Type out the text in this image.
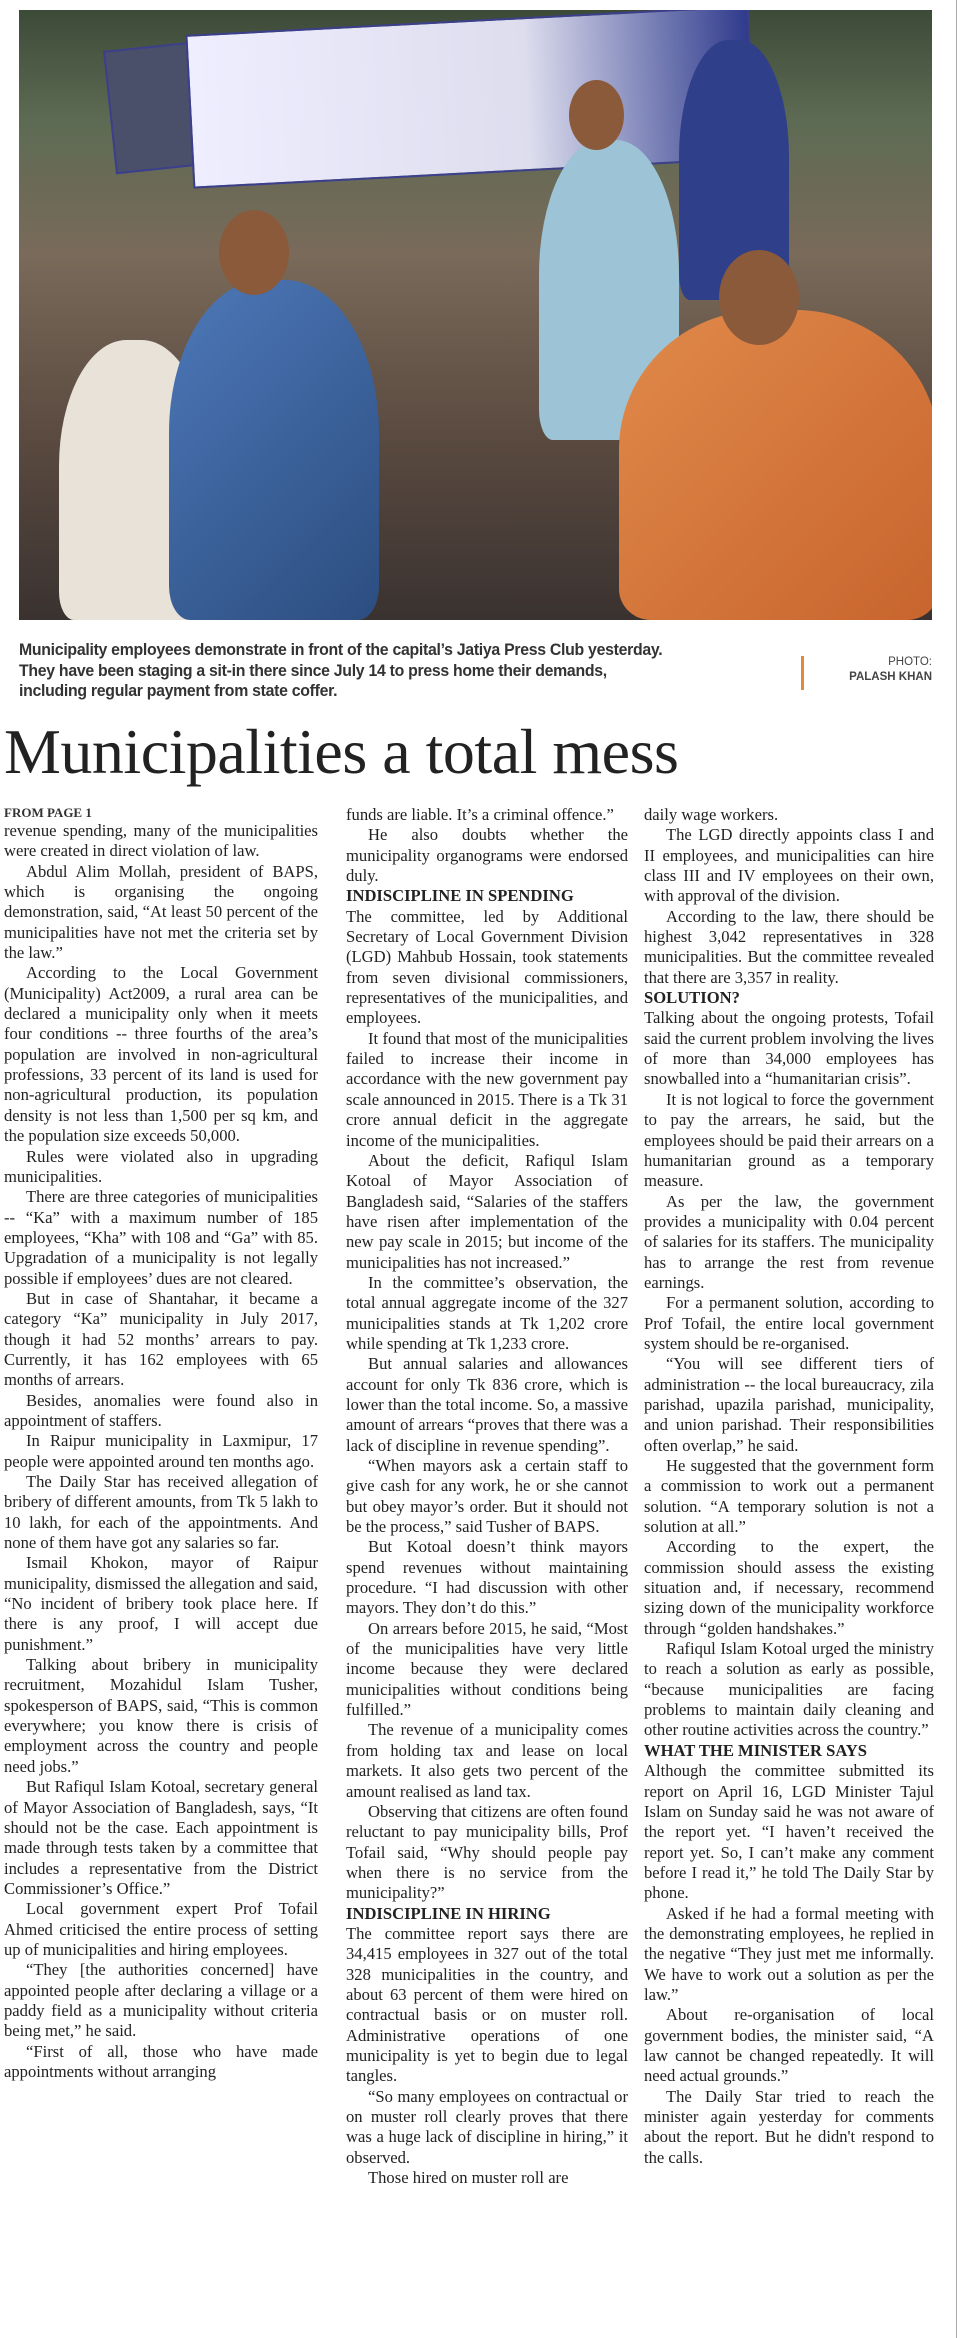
Municipality employees demonstrate in front of the capital’s Jatiya Press Club yesterday.
They have been staging a sit-in there since July 14 to press home their demands,
including regular payment from state coffer.
PHOTO:
PALASH KHAN
Municipalities a total mess

FROM PAGE 1

revenue spending, many of the municipalities were created in direct violation of law.

Abdul Alim Mollah, president of BAPS, which is organising the ongoing demonstration, said, “At least 50 percent of the municipalities have not met the criteria set by the law.”

According to the Local Government (Municipality) Act2009, a rural area can be declared a municipality only when it meets four conditions -- three fourths of the area’s population are involved in non-agricultural professions, 33 percent of its land is used for non-agricultural production, its population density is not less than 1,500 per sq km, and the population size exceeds 50,000.

Rules were violated also in upgrading municipalities.

There are three categories of municipalities -- “Ka” with a maximum number of 185 employees, “Kha” with 108 and “Ga” with 85. Upgradation of a municipality is not legally possible if employees’ dues are not cleared.

But in case of Shantahar, it became a category “Ka” municipality in July 2017, though it had 52 months’ arrears to pay. Currently, it has 162 employees with 65 months of arrears.

Besides, anomalies were found also in appointment of staffers.

In Raipur municipality in Laxmipur, 17 people were appointed around ten months ago.

The Daily Star has received allegation of bribery of different amounts, from Tk 5 lakh to 10 lakh, for each of the appointments. And none of them have got any salaries so far.

Ismail Khokon, mayor of Raipur municipality, dismissed the allegation and said, “No incident of bribery took place here. If there is any proof, I will accept due punishment.”

Talking about bribery in municipality recruitment, Mozahidul Islam Tusher, spokesperson of BAPS, said, “This is common everywhere; you know there is crisis of employment across the country and people need jobs.”

But Rafiqul Islam Kotoal, secretary general of Mayor Association of Bangladesh, says, “It should not be the case. Each appointment is made through tests taken by a committee that includes a representative from the District Commissioner’s Office.”

Local government expert Prof Tofail Ahmed criticised the entire process of setting up of municipalities and hiring employees.

“They [the authorities concerned] have appointed people after declaring a village or a paddy field as a municipality without criteria being met,” he said.

“First of all, those who have made appointments without arranging

funds are liable. It’s a criminal offence.”

He also doubts whether the municipality organograms were endorsed duly.

INDISCIPLINE IN SPENDING

The committee, led by Additional Secretary of Local Government Division (LGD) Mahbub Hossain, took statements from seven divisional commissioners, representatives of the municipalities, and employees.

It found that most of the municipalities failed to increase their income in accordance with the new government pay scale announced in 2015. There is a Tk 31 crore annual deficit in the aggregate income of the municipalities.

About the deficit, Rafiqul Islam Kotoal of Mayor Association of Bangladesh said, “Salaries of the staffers have risen after implementation of the new pay scale in 2015; but income of the municipalities has not increased.”

In the committee’s observation, the total annual aggregate income of the 327 municipalities stands at Tk 1,202 crore while spending at Tk 1,233 crore.

But annual salaries and allowances account for only Tk 836 crore, which is lower than the total income. So, a massive amount of arrears “proves that there was a lack of discipline in revenue spending”.

“When mayors ask a certain staff to give cash for any work, he or she cannot but obey mayor’s order. But it should not be the process,” said Tusher of BAPS.

But Kotoal doesn’t think mayors spend revenues without maintaining procedure. “I had discussion with other mayors. They don’t do this.”

On arrears before 2015, he said, “Most of the municipalities have very little income because they were declared municipalities without conditions being fulfilled.”

The revenue of a municipality comes from holding tax and lease on local markets. It also gets two percent of the amount realised as land tax.

Observing that citizens are often found reluctant to pay municipality bills, Prof Tofail said, “Why should people pay when there is no service from the municipality?”

INDISCIPLINE IN HIRING

The committee report says there are 34,415 employees in 327 out of the total 328 municipalities in the country, and about 63 percent of them were hired on contractual basis or on muster roll. Administrative operations of one municipality is yet to begin due to legal tangles.

“So many employees on contractual or on muster roll clearly proves that there was a huge lack of discipline in hiring,” it observed.

Those hired on muster roll are

daily wage workers.

The LGD directly appoints class I and II employees, and municipalities can hire class III and IV employees on their own, with approval of the division.

According to the law, there should be highest 3,042 representatives in 328 municipalities. But the committee revealed that there are 3,357 in reality.

SOLUTION?

Talking about the ongoing protests, Tofail said the current problem involving the lives of more than 34,000 employees has snowballed into a “humanitarian crisis”.

It is not logical to force the government to pay the arrears, he said, but the employees should be paid their arrears on a humanitarian ground as a temporary measure.

As per the law, the government provides a municipality with 0.04 percent of salaries for its staffers. The municipality has to arrange the rest from revenue earnings.

For a permanent solution, according to Prof Tofail, the entire local government system should be re-organised.

“You will see different tiers of administration -- the local bureaucracy, zila parishad, upazila parishad, municipality, and union parishad. Their responsibilities often overlap,” he said.

He suggested that the government form a commission to work out a permanent solution. “A temporary solution is not a solution at all.”

According to the expert, the commission should assess the existing situation and, if necessary, recommend sizing down of the municipality workforce through “golden handshakes.”

Rafiqul Islam Kotoal urged the ministry to reach a solution as early as possible, “because municipalities are facing problems to maintain daily cleaning and other routine activities across the country.”

WHAT THE MINISTER SAYS

Although the committee submitted its report on April 16, LGD Minister Tajul Islam on Sunday said he was not aware of the report yet. “I haven’t received the report yet. So, I can’t make any comment before I read it,” he told The Daily Star by phone.

Asked if he had a formal meeting with the demonstrating employees, he replied in the negative “They just met me informally. We have to work out a solution as per the law.”

About re-organisation of local government bodies, the minister said, “A law cannot be changed repeatedly. It will need actual grounds.”

The Daily Star tried to reach the minister again yesterday for comments about the report. But he didn't respond to the calls.
